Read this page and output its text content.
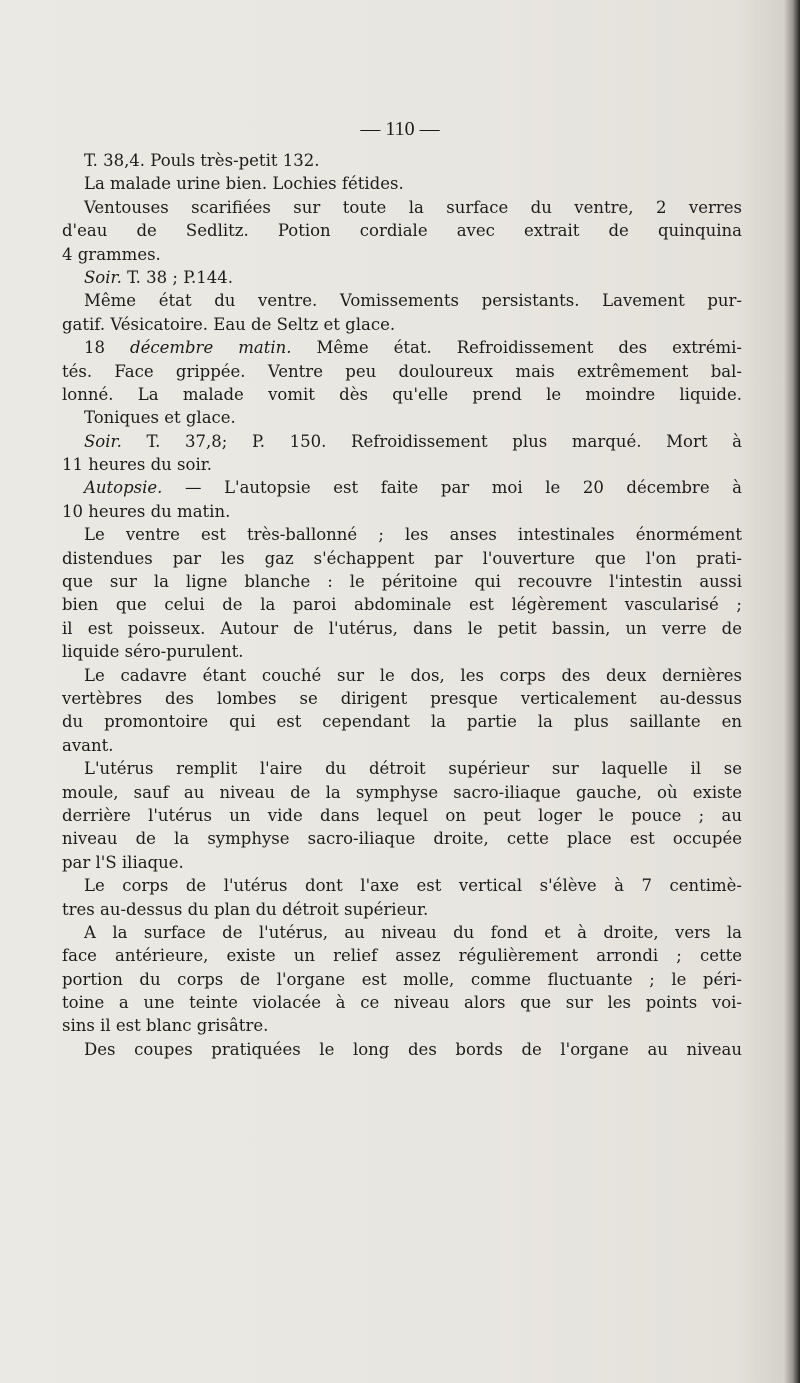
— 110 —
T. 38,4. Pouls très-petit 132.
La malade urine bien. Lochies fétides.
Ventouses scarifiées sur toute la surface du ventre, 2 verres
d'eau de Sedlitz. Potion cordiale avec extrait de quinquina
4 grammes.
Soir. T. 38 ; P.144.
Même état du ventre. Vomissements persistants. Lavement pur-
gatif. Vésicatoire. Eau de Seltz et glace.
18 décembre matin. Même état. Refroidissement des extrémi-
tés. Face grippée. Ventre peu douloureux mais extrêmement bal-
lonné. La malade vomit dès qu'elle prend le moindre liquide.
Toniques et glace.
Soir. T. 37,8; P. 150. Refroidissement plus marqué. Mort à
11 heures du soir.
Autopsie. — L'autopsie est faite par moi le 20 décembre à
10 heures du matin.
Le ventre est très-ballonné ; les anses intestinales énormément
distendues par les gaz s'échappent par l'ouverture que l'on prati-
que sur la ligne blanche : le péritoine qui recouvre l'intestin aussi
bien que celui de la paroi abdominale est légèrement vascularisé ;
il est poisseux. Autour de l'utérus, dans le petit bassin, un verre de
liquide séro-purulent.
Le cadavre étant couché sur le dos, les corps des deux dernières
vertèbres des lombes se dirigent presque verticalement au-dessus
du promontoire qui est cependant la partie la plus saillante en
avant.
L'utérus remplit l'aire du détroit supérieur sur laquelle il se
moule, sauf au niveau de la symphyse sacro-iliaque gauche, où existe
derrière l'utérus un vide dans lequel on peut loger le pouce ; au
niveau de la symphyse sacro-iliaque droite, cette place est occupée
par l'S iliaque.
Le corps de l'utérus dont l'axe est vertical s'élève à 7 centimè-
tres au-dessus du plan du détroit supérieur.
A la surface de l'utérus, au niveau du fond et à droite, vers la
face antérieure, existe un relief assez régulièrement arrondi ; cette
portion du corps de l'organe est molle, comme fluctuante ; le péri-
toine a une teinte violacée à ce niveau alors que sur les points voi-
sins il est blanc grisâtre.
Des coupes pratiquées le long des bords de l'organe au niveau
